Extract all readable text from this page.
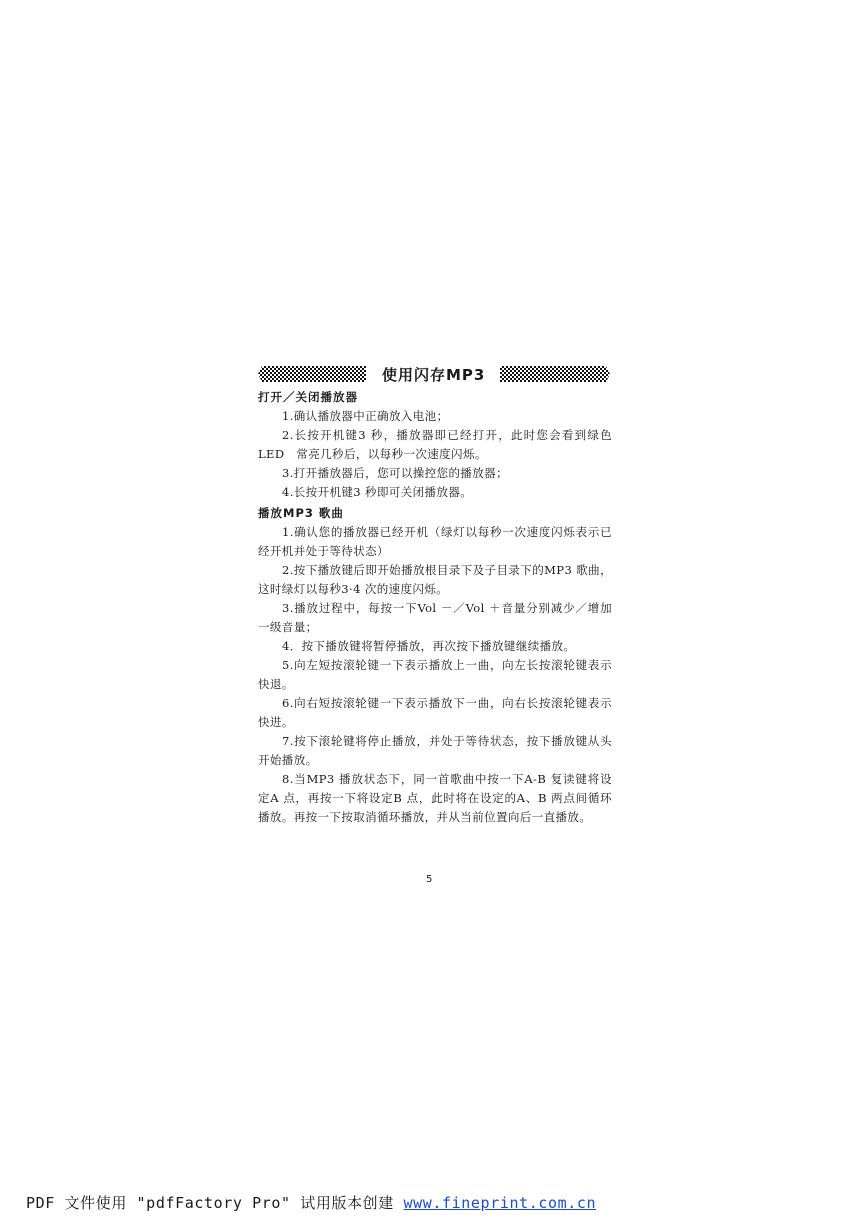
使用闪存MP3
打开／关闭播放器

1.确认播放器中正确放入电池；

2.长按开机键3 秒，播放器即已经打开，此时您会看到绿色LED　常亮几秒后，以每秒一次速度闪烁。

3.打开播放器后，您可以操控您的播放器；

4.长按开机键3 秒即可关闭播放器。

播放MP3 歌曲

1.确认您的播放器已经开机（绿灯以每秒一次速度闪烁表示已经开机并处于等待状态）

2.按下播放键后即开始播放根目录下及子目录下的MP3 歌曲，这时绿灯以每秒3·4 次的速度闪烁。

3.播放过程中，每按一下Vol －／Vol ＋音量分别减少／增加一级音量；

4．按下播放键将暂停播放，再次按下播放键继续播放。

5.向左短按滚轮键一下表示播放上一曲，向左长按滚轮键表示快退。

6.向右短按滚轮键一下表示播放下一曲，向右长按滚轮键表示快进。

7.按下滚轮键将停止播放，并处于等待状态，按下播放键从头开始播放。

8.当MP3 播放状态下，同一首歌曲中按一下A-B 复读键将设定A 点，再按一下将设定B 点，此时将在设定的A、B 两点间循环播放。再按一下按取消循环播放，并从当前位置向后一直播放。

5
PDF 文件使用 "pdfFactory Pro" 试用版本创建 www.fineprint.com.cn
